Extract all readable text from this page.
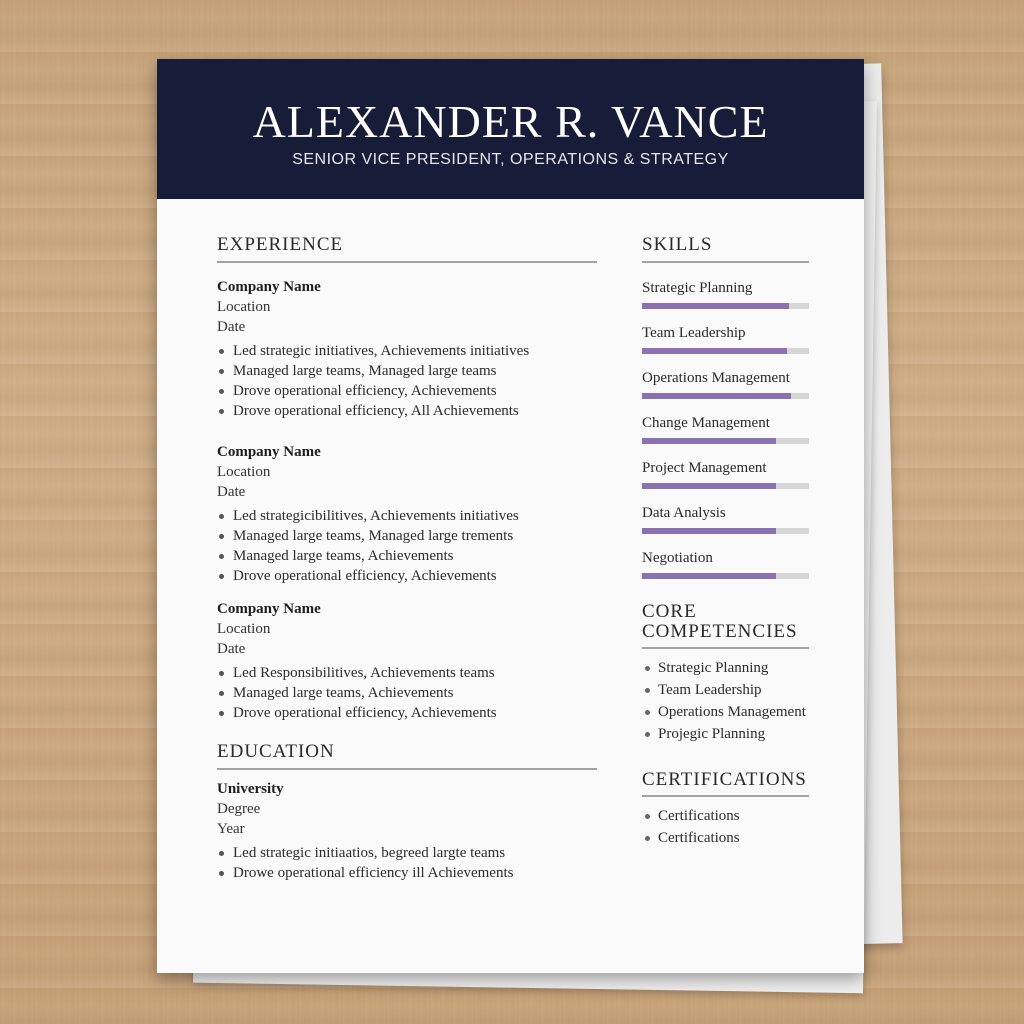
ALEXANDER R. VANCE
SENIOR VICE PRESIDENT, OPERATIONS & STRATEGY
EXPERIENCE
Company Name
Location
Date
Led strategic initiatives, Achievements initiatives
Managed large teams, Managed large teams
Drove operational efficiency, Achievements
Drove operational efficiency, All Achievements
Company Name
Location
Date
Led strategicibilitives, Achievements initiatives
Managed large teams, Managed large trements
Managed large teams, Achievements
Drove operational efficiency, Achievements
Company Name
Location
Date
Led Responsibilitives, Achievements teams
Managed large teams, Achievements
Drove operational efficiency, Achievements
EDUCATION
University
Degree
Year
Led strategic initiaatios, begreed largte teams
Drowe operational efficiency ill Achievements
SKILLS
Strategic Planning
Team Leadership
Operations Management
Change Management
Project Management
Data Analysis
Negotiation
CORE
COMPETENCIES
Strategic Planning
Team Leadership
Operations Management
Projegic Planning
CERTIFICATIONS
Certifications
Certifications
